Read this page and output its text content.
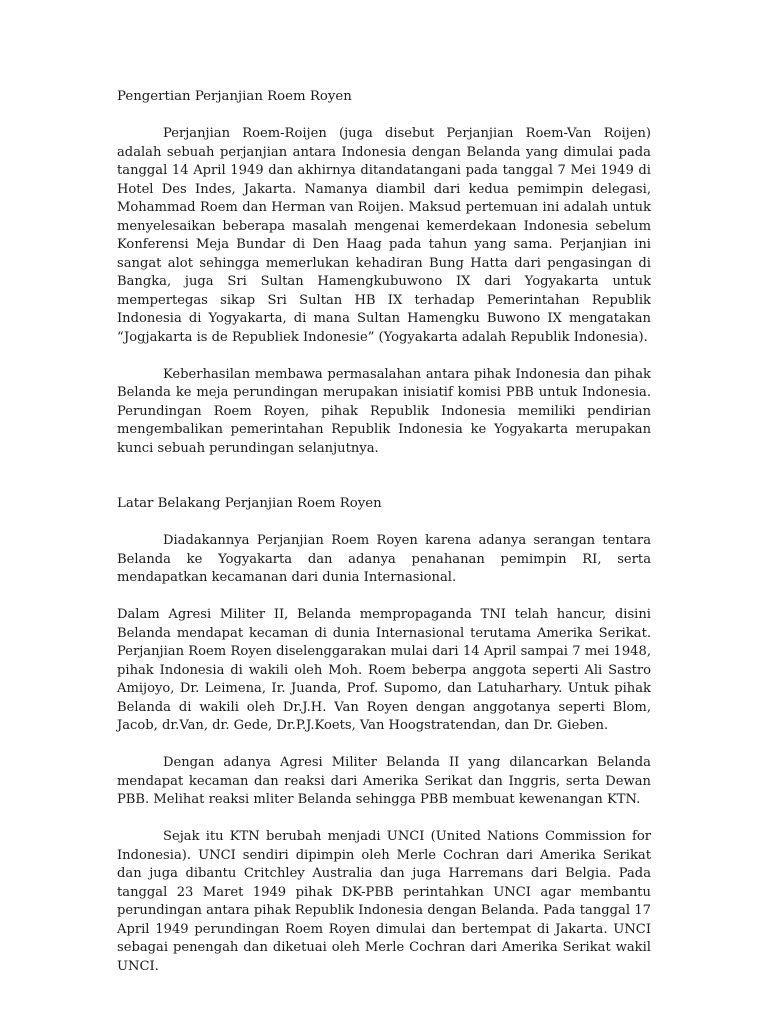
Pengertian Perjanjian Roem Royen

Perjanjian Roem-Roijen (juga disebut Perjanjian Roem-Van Roijen) adalah sebuah perjanjian antara Indonesia dengan Belanda yang dimulai pada tanggal 14 April 1949 dan akhirnya ditandatangani pada tanggal 7 Mei 1949 di Hotel Des Indes, Jakarta. Namanya diambil dari kedua pemimpin delegasi, Mohammad Roem dan Herman van Roijen. Maksud pertemuan ini adalah untuk menyelesaikan beberapa masalah mengenai kemerdekaan Indonesia sebelum Konferensi Meja Bundar di Den Haag pada tahun yang sama. Perjanjian ini sangat alot sehingga memerlukan kehadiran Bung Hatta dari pengasingan di Bangka, juga Sri Sultan Hamengkubuwono IX dari Yogyakarta untuk mempertegas sikap Sri Sultan HB IX terhadap Pemerintahan Republik Indonesia di Yogyakarta, di mana Sultan Hamengku Buwono IX mengatakan “Jogjakarta is de Republiek Indonesie” (Yogyakarta adalah Republik Indonesia).

Keberhasilan membawa permasalahan antara pihak Indonesia dan pihak Belanda ke meja perundingan merupakan inisiatif komisi PBB untuk Indonesia. Perundingan Roem Royen, pihak Republik Indonesia memiliki pendirian mengembalikan pemerintahan Republik Indonesia ke Yogyakarta merupakan kunci sebuah perundingan selanjutnya.

Latar Belakang Perjanjian Roem Royen

Diadakannya Perjanjian Roem Royen karena adanya serangan tentara Belanda ke Yogyakarta dan adanya penahanan pemimpin RI, serta mendapatkan kecamanan dari dunia Internasional.

Dalam Agresi Militer II, Belanda mempropaganda TNI telah hancur, disini Belanda mendapat kecaman di dunia Internasional terutama Amerika Serikat. Perjanjian Roem Royen diselenggarakan mulai dari 14 April sampai 7 mei 1948, pihak Indonesia di wakili oleh Moh. Roem beberpa anggota seperti Ali Sastro Amijoyo, Dr. Leimena, Ir. Juanda, Prof. Supomo, dan Latuharhary. Untuk pihak Belanda di wakili oleh Dr.J.H. Van Royen dengan anggotanya seperti Blom, Jacob, dr.Van, dr. Gede, Dr.P.J.Koets, Van Hoogstratendan, dan Dr. Gieben.

Dengan adanya Agresi Militer Belanda II yang dilancarkan Belanda mendapat kecaman dan reaksi dari Amerika Serikat dan Inggris, serta Dewan PBB. Melihat reaksi mliter Belanda sehingga PBB membuat kewenangan KTN.

Sejak itu KTN berubah menjadi UNCI (United Nations Commission for Indonesia). UNCI sendiri dipimpin oleh Merle Cochran dari Amerika Serikat dan juga dibantu Critchley Australia dan juga Harremans dari Belgia. Pada tanggal 23 Maret 1949 pihak DK-PBB perintahkan UNCI agar membantu perundingan antara pihak Republik Indonesia dengan Belanda. Pada tanggal 17 April 1949 perundingan Roem Royen dimulai dan bertempat di Jakarta. UNCI sebagai penengah dan diketuai oleh Merle Cochran dari Amerika Serikat wakil UNCI.
